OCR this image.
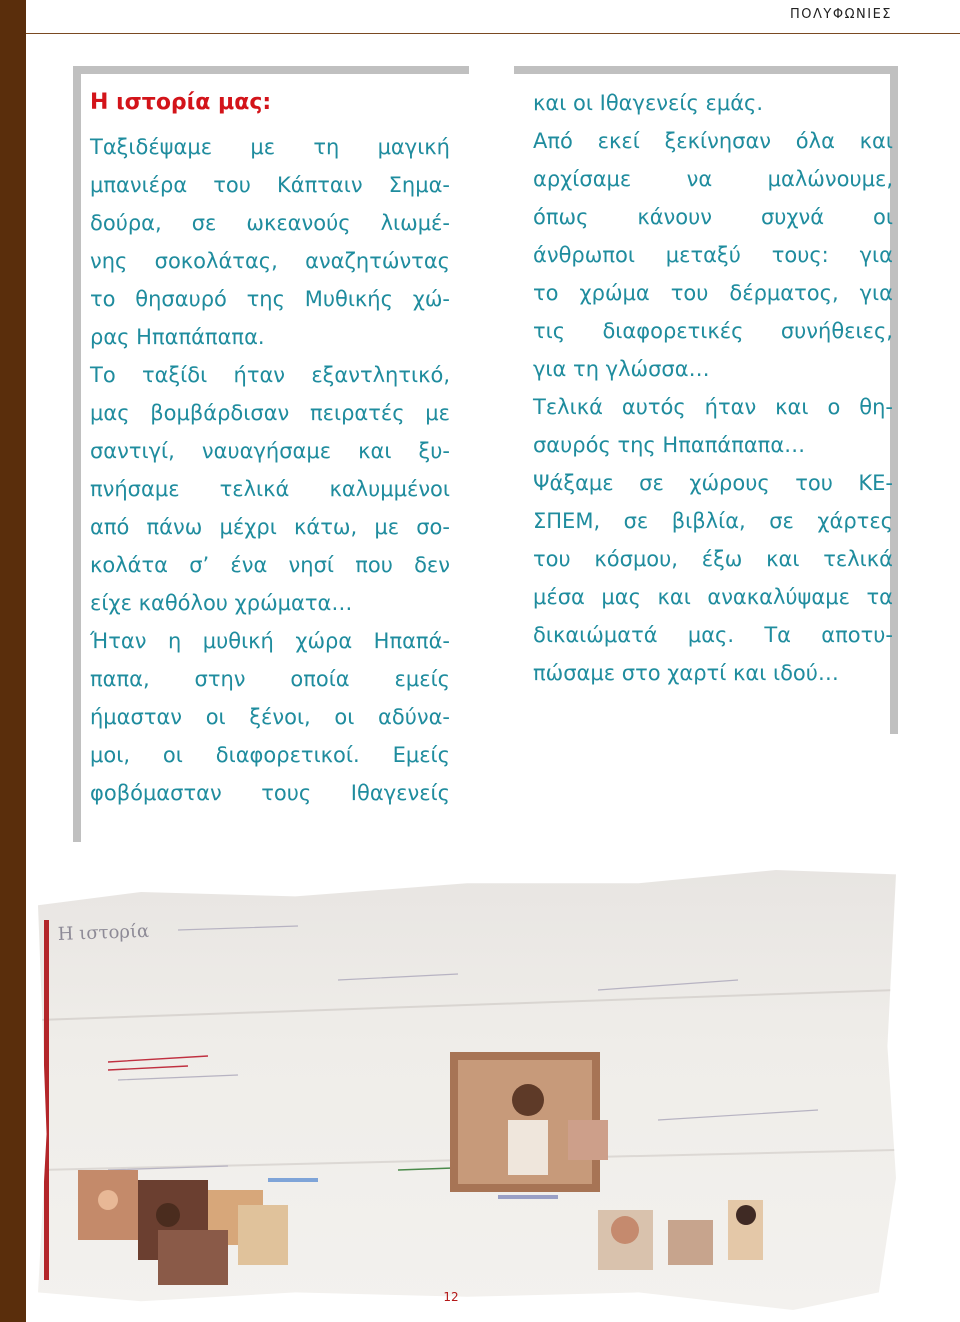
ΠΟΛΥΦΩΝΙΕΣ
Η ιστορία μας:

Ταξιδέψαμε με τη μαγική
μπανιέρα του Κάπταιν Σημα-
δούρα, σε ωκεανούς λιωμέ-
νης σοκολάτας, αναζητώντας
το θησαυρό της Μυθικής χώ-
ρας Ηπαπάπαπα.

Το ταξίδι ήταν εξαντλητικό,
μας βομβάρδισαν πειρατές με
σαντιγί, ναυαγήσαμε και ξυ-
πνήσαμε τελικά καλυμμένοι
από πάνω μέχρι κάτω, με σο-
κολάτα σ’ ένα νησί που δεν
είχε καθόλου χρώματα…

Ήταν η μυθική χώρα Ηπαπά-
παπα, στην οποία εμείς
ήμασταν οι ξένοι, οι αδύνα-
μοι, οι διαφορετικοί. Εμείς
φοβόμασταν τους Ιθαγενείς

και οι Ιθαγενείς εμάς.

Από εκεί ξεκίνησαν όλα και
αρχίσαμε να μαλώνουμε,
όπως κάνουν συχνά οι
άνθρωποι μεταξύ τους: για
το χρώμα του δέρματος, για
τις διαφορετικές συνήθειες,
για τη γλώσσα…

Τελικά αυτός ήταν και ο θη-
σαυρός της Ηπαπάπαπα…

Ψάξαμε σε χώρους του ΚΕ-
ΣΠΕΜ, σε βιβλία, σε χάρτες
του κόσμου, έξω και τελικά
μέσα μας και ανακαλύψαμε τα
δικαιώματά μας. Τα αποτυ-
πώσαμε στο χαρτί και ιδού…

Η ιστορία
12
